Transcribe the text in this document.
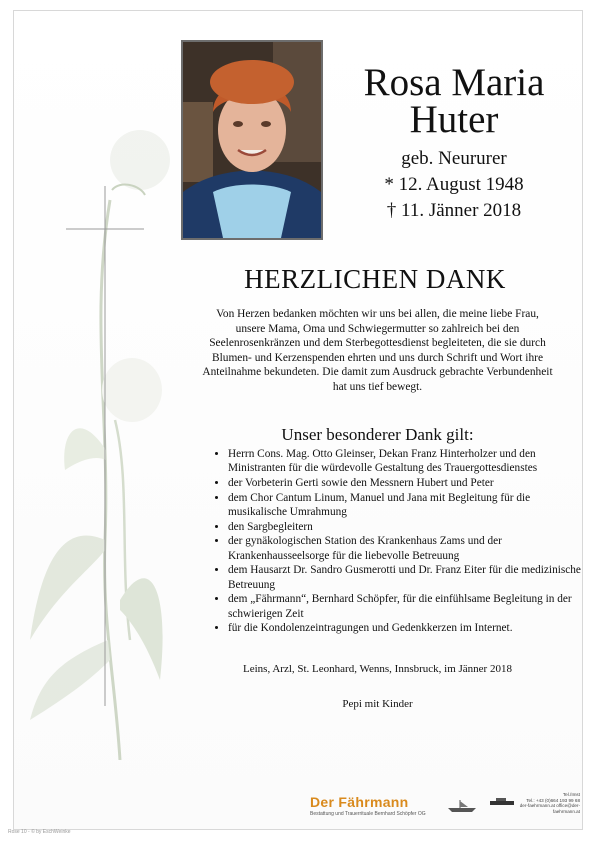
Rosa Maria
Huter
geb. Neururer
* 12. August 1948
† 11. Jänner 2018
HERZLICHEN DANK
Von Herzen bedanken möchten wir uns bei allen, die meine liebe Frau, unsere Mama, Oma und Schwiegermutter so zahlreich bei den Seelenrosenkränzen und dem Sterbegottesdienst begleiteten, die sie durch Blumen- und Kerzenspenden ehrten und uns durch Schrift und Wort ihre Anteilnahme bekundeten. Die damit zum Ausdruck gebrachte Verbundenheit hat uns tief bewegt.
Unser besonderer Dank gilt:
• Herrn Cons. Mag. Otto Gleinser, Dekan Franz Hinterholzer und den Ministranten für die würdevolle Gestaltung des Trauergottesdienstes
• der Vorbeterin Gerti sowie den Messnern Hubert und Peter
• dem Chor Cantum Linum, Manuel und Jana mit Begleitung für die musikalische Umrahmung
• den Sargbegleitern
• der gynäkologischen Station des Krankenhaus Zams und der Krankenhausseelsorge für die liebevolle Betreuung
• dem Hausarzt Dr. Sandro Gusmerotti und Dr. Franz Eiter für die medizinische Betreuung
• dem „Fährmann“, Bernhard Schöpfer, für die einfühlsame Begleitung in der schwierigen Zeit
• für die Kondolenzeintragungen und Gedenkkerzen im Internet.
Leins, Arzl, St. Leonhard, Wenns, Innsbruck, im Jänner 2018
Pepi mit Kinder
Der Fährmann
Bestattung und Trauerrituale Bernhard Schöpfer OG
Tel./Imst
Tel.: +43 (0)664 193 99 68
der-faehrmann.at office@der-faehrmann.at
Rose 10 - © by EschWeinke
